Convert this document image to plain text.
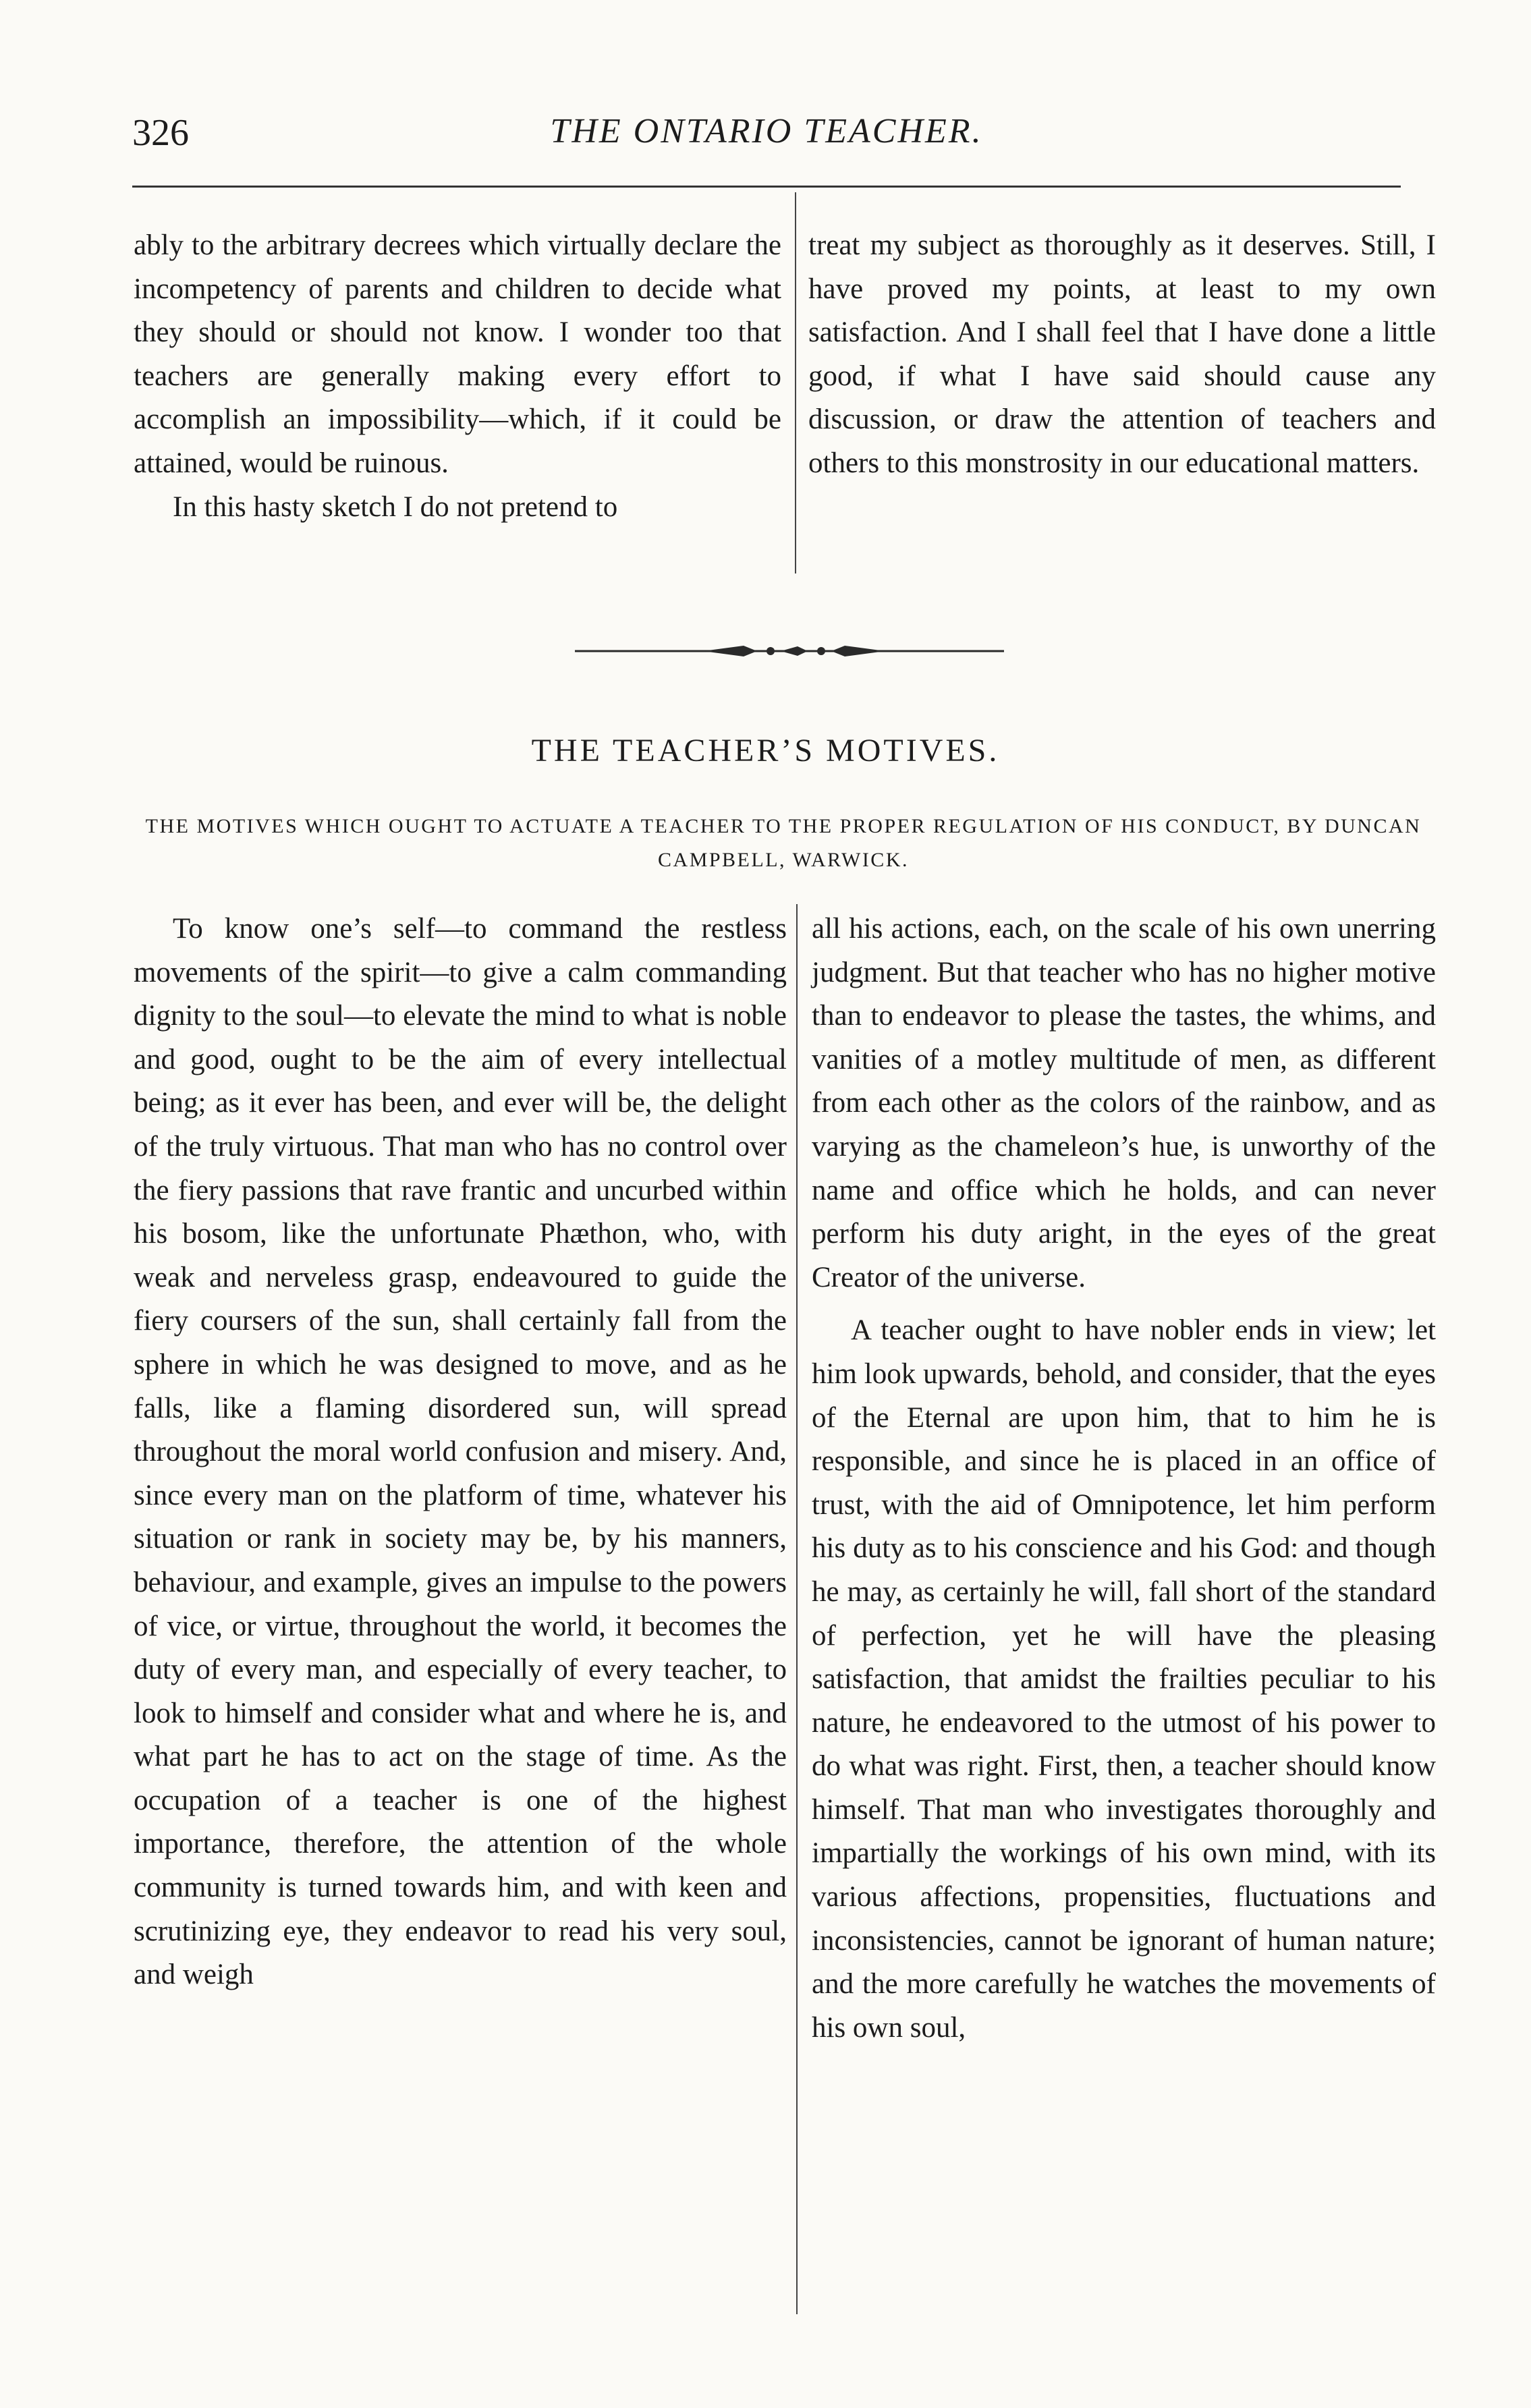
326	THE ONTARIO TEACHER.

ably to the arbitrary decrees which virtually declare the incompetency of parents and children to decide what they should or should not know. I wonder too that teachers are generally making every effort to accomplish an impossibility—which, if it could be attained, would be ruinous.

In this hasty sketch I do not pretend to

treat my subject as thoroughly as it deserves. Still, I have proved my points, at least to my own satisfaction. And I shall feel that I have done a little good, if what I have said should cause any discussion, or draw the attention of teachers and others to this monstrosity in our educational matters.

THE TEACHER’S MOTIVES.
THE MOTIVES WHICH OUGHT TO ACTUATE A TEACHER TO THE PROPER REGULATION OF HIS CONDUCT, BY DUNCAN CAMPBELL, WARWICK.

To know one’s self—to command the restless movements of the spirit—to give a calm commanding dignity to the soul—to elevate the mind to what is noble and good, ought to be the aim of every intellectual being; as it ever has been, and ever will be, the delight of the truly virtuous. That man who has no control over the fiery passions that rave frantic and uncurbed within his bosom, like the unfortunate Phæthon, who, with weak and nerveless grasp, endeavoured to guide the fiery coursers of the sun, shall certainly fall from the sphere in which he was designed to move, and as he falls, like a flaming disordered sun, will spread throughout the moral world confusion and misery. And, since every man on the platform of time, whatever his situation or rank in society may be, by his manners, behaviour, and example, gives an impulse to the powers of vice, or virtue, throughout the world, it becomes the duty of every man, and especially of every teacher, to look to himself and consider what and where he is, and what part he has to act on the stage of time. As the occupation of a teacher is one of the highest importance, therefore, the attention of the whole community is turned towards him, and with keen and scrutinizing eye, they endeavor to read his very soul, and weigh

all his actions, each, on the scale of his own unerring judgment. But that teacher who has no higher motive than to endeavor to please the tastes, the whims, and vanities of a motley multitude of men, as different from each other as the colors of the rainbow, and as varying as the chameleon’s hue, is unworthy of the name and office which he holds, and can never perform his duty aright, in the eyes of the great Creator of the universe.

A teacher ought to have nobler ends in view; let him look upwards, behold, and consider, that the eyes of the Eternal are upon him, that to him he is responsible, and since he is placed in an office of trust, with the aid of Omnipotence, let him perform his duty as to his conscience and his God: and though he may, as certainly he will, fall short of the standard of perfection, yet he will have the pleasing satisfaction, that amidst the frailties peculiar to his nature, he endeavored to the utmost of his power to do what was right. First, then, a teacher should know himself. That man who investigates thoroughly and impartially the workings of his own mind, with its various affections, propensities, fluctuations and inconsistencies, cannot be ignorant of human nature; and the more carefully he watches the movements of his own soul,
